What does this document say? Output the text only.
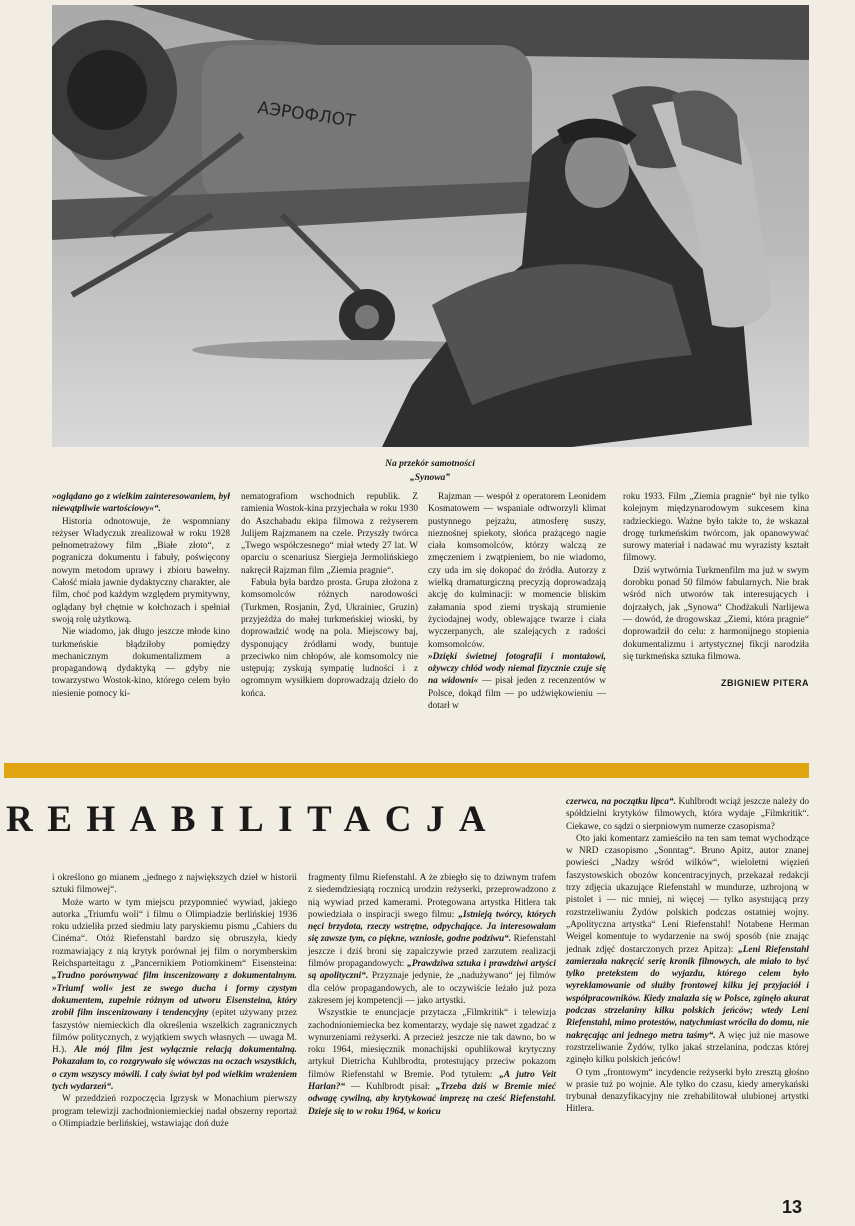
АЭРОФЛОТ
Na przekór samotności
„Synowa”

»oglądano go z wielkim zainteresowaniem, był niewątpliwie wartościowy«“.

Historia odnotowuje, że wspomniany reżyser Władyczuk zrealizował w roku 1928 pełnometrażowy film „Białe złoto“, z pogranicza dokumentu i fabuły, poświęcony nowym metodom uprawy i zbioru bawełny. Całość miała jawnie dydaktyczny charakter, ale film, choć pod każdym względem prymitywny, oglądany był chętnie w kołchozach i spełniał swoją rolę użytkową.

Nie wiadomo, jak długo jeszcze młode kino turkmeńskie błądziłoby pomiędzy mechanicznym dokumentalizmem a propagandową dydaktyką — gdyby nie towarzystwo Wostok-kino, którego celem było niesienie pomocy ki-

nematografiom wschodnich republik. Z ramienia Wostok-kina przyjechała w roku 1930 do Aszchabadu ekipa filmowa z reżyserem Julijem Rajzmanem na czele. Przyszły twórca „Twego współczesnego“ miał wtedy 27 lat. W oparciu o scenariusz Siergieja Jermolińskiego nakręcił Rajzman film „Ziemia pragnie“.

Fabuła była bardzo prosta. Grupa złożona z komsomolców różnych narodowości (Turkmen, Rosjanin, Żyd, Ukrainiec, Gruzin) przyjeżdża do małej turkmeńskiej wioski, by doprowadzić wodę na pola. Miejscowy baj, dysponujący źródłami wody, buntuje przeciwko nim chłopów, ale komsomolcy nie ustępują; zyskują sympatię ludności i z ogromnym wysiłkiem doprowadzają dzieło do końca.

Rajzman — wespół z operatorem Leonidem Kosmatowem — wspaniale odtworzyli klimat pustynnego pejzażu, atmosferę suszy, nieznośnej spiekoty, słońca prażącego nagie ciała komsomolców, którzy walczą ze zmęczeniem i zwątpieniem, bo nie wiadomo, czy uda im się dokopać do źródła. Autorzy z wielką dramaturgiczną precyzją doprowadzają akcję do kulminacji: w momencie bliskim załamania spod ziemi tryskają strumienie życiodajnej wody, oblewające twarze i ciała wyczerpanych, ale szalejących z radości komsomolców.

»Dzięki świetnej fotografii i montażowi, ożywczy chłód wody niemal fizycznie czuje się na widowni« — pisał jeden z recenzentów w Polsce, dokąd film — po udźwiękowieniu — dotarł w

roku 1933. Film „Ziemia pragnie“ był nie tylko kolejnym międzynarodowym sukcesem kina radzieckiego. Ważne było także to, że wskazał drogę turkmeńskim twórcom, jak opanowywać surowy materiał i nadawać mu wyrazisty kształt filmowy.

Dziś wytwórnia Turkmenfilm ma już w swym dorobku ponad 50 filmów fabularnych. Nie brak wśród nich utworów tak interesujących i dojrzałych, jak „Synowa“ Chodżakuli Narlijewa — dowód, że drogowskaz „Ziemi, która pragnie“ doprowadził do celu: z harmonijnego stopienia dokumentalizmu i artystycznej fikcji narodziła się turkmeńska sztuka filmowa.

ZBIGNIEW PITERA
REHABILITACJA

i określono go mianem „jednego z największych dzieł w historii sztuki filmowej“.

Może warto w tym miejscu przypomnieć wywiad, jakiego autorka „Triumfu woli“ i filmu o Olimpiadzie berlińskiej 1936 roku udzieliła przed siedmiu laty paryskiemu pismu „Cahiers du Cinéma“. Otóż Riefenstahl bardzo się obruszyła, kiedy rozmawiający z nią krytyk porównał jej film o norymberskim Reichsparteitagu z „Pancernikiem Potiomkinem“ Eisensteina: „Trudno porównywać film inscenizowany z dokumentalnym. »Triumf woli« jest ze swego ducha i formy czystym dokumentem, zupełnie różnym od utworu Eisensteina, który zrobił film inscenizowany i tendencyjny (epitet używany przez faszystów niemieckich dla określenia wszelkich zagranicznych filmów politycznych, z wyjątkiem swych własnych — uwaga M. H.). Ale mój film jest wyłącznie relacją dokumentalną. Pokazałam to, co rozgrywało się wówczas na oczach wszystkich, o czym wszyscy mówili. I cały świat był pod wielkim wrażeniem tych wydarzeń“.

W przeddzień rozpoczęcia Igrzysk w Monachium pierwszy program telewizji zachodnioniemieckiej nadał obszerny reportaż o Olimpiadzie berlińskiej, wstawiając doń duże

fragmenty filmu Riefenstahl. A że zbiegło się to dziwnym trafem z siedemdziesiątą rocznicą urodzin reżyserki, przeprowadzono z nią wywiad przed kamerami. Protegowana artystka Hitlera tak powiedziała o inspiracji swego filmu: „Istnieją twórcy, których nęci brzydota, rzeczy wstrętne, odpychające. Ja interesowałam się zawsze tym, co piękne, wzniosłe, godne podziwu“. Riefenstahl jeszcze i dziś broni się zapalczywie przed zarzutem realizacji filmów propagandowych: „Prawdziwa sztuka i prawdziwi artyści są apolityczni“. Przyznaje jedynie, że „nadużywano“ jej filmów dla celów propagandowych, ale to oczywiście leżało już poza zakresem jej kompetencji — jako artystki.

Wszystkie te enuncjacje przytacza „Filmkritik“ i telewizja zachodnioniemiecka bez komentarzy, wydaje się nawet zgadzać z wynurzeniami reżyserki. A przecież jeszcze nie tak dawno, bo w roku 1964, miesięcznik monachijski opublikował krytyczny artykuł Dietricha Kuhlbrodta, protestujący przeciw pokazom filmów Riefenstahl w Bremie. Pod tytułem: „A jutro Veit Harlan?“ — Kuhlbrodt pisał: „Trzeba dziś w Bremie mieć odwagę cywilną, aby krytykować imprezę na cześć Riefenstahl. Dzieje się to w roku 1964, w końcu

czerwca, na początku lipca“. Kuhlbrodt wciąż jeszcze należy do spółdzielni krytyków filmowych, która wydaje „Filmkritik“. Ciekawe, co sądzi o sierpniowym numerze czasopisma?

Oto jaki komentarz zamieściło na ten sam temat wychodzące w NRD czasopismo „Sonntag“. Bruno Apitz, autor znanej powieści „Nadzy wśród wilków“, wieloletni więzień faszystowskich obozów koncentracyjnych, przekazał redakcji trzy zdjęcia ukazujące Riefenstahl w mundurze, uzbrojoną w pistolet i — nic mniej, ni więcej — tylko asystującą przy rozstrzeliwaniu Żydów polskich podczas ostatniej wojny. „Apolityczna artystka“ Leni Riefenstahl! Notabene Herman Weigel komentuje to wydarzenie na swój sposób (nie znając jednak zdjęć dostarczonych przez Apitza): „Leni Riefenstahl zamierzała nakręcić serię kronik filmowych, ale miało to być tylko pretekstem do wyjazdu, którego celem było wyreklamowanie od służby frontowej kilku jej przyjaciół i współpracowników. Kiedy znalazła się w Polsce, zginęło akurat podczas strzelaniny kilku polskich jeńców; wtedy Leni Riefenstahl, mimo protestów, natychmiast wróciła do domu, nie nakręcając ani jednego metra taśmy“. A więc już nie masowe rozstrzeliwanie Żydów, tylko jakaś strzelanina, podczas której zginęło kilku polskich jeńców!

O tym „frontowym“ incydencie reżyserki było zresztą głośno w prasie tuż po wojnie. Ale tylko do czasu, kiedy amerykański trybunał denazyfikacyjny nie zrehabilitował ulubionej artystki Hitlera.

13
